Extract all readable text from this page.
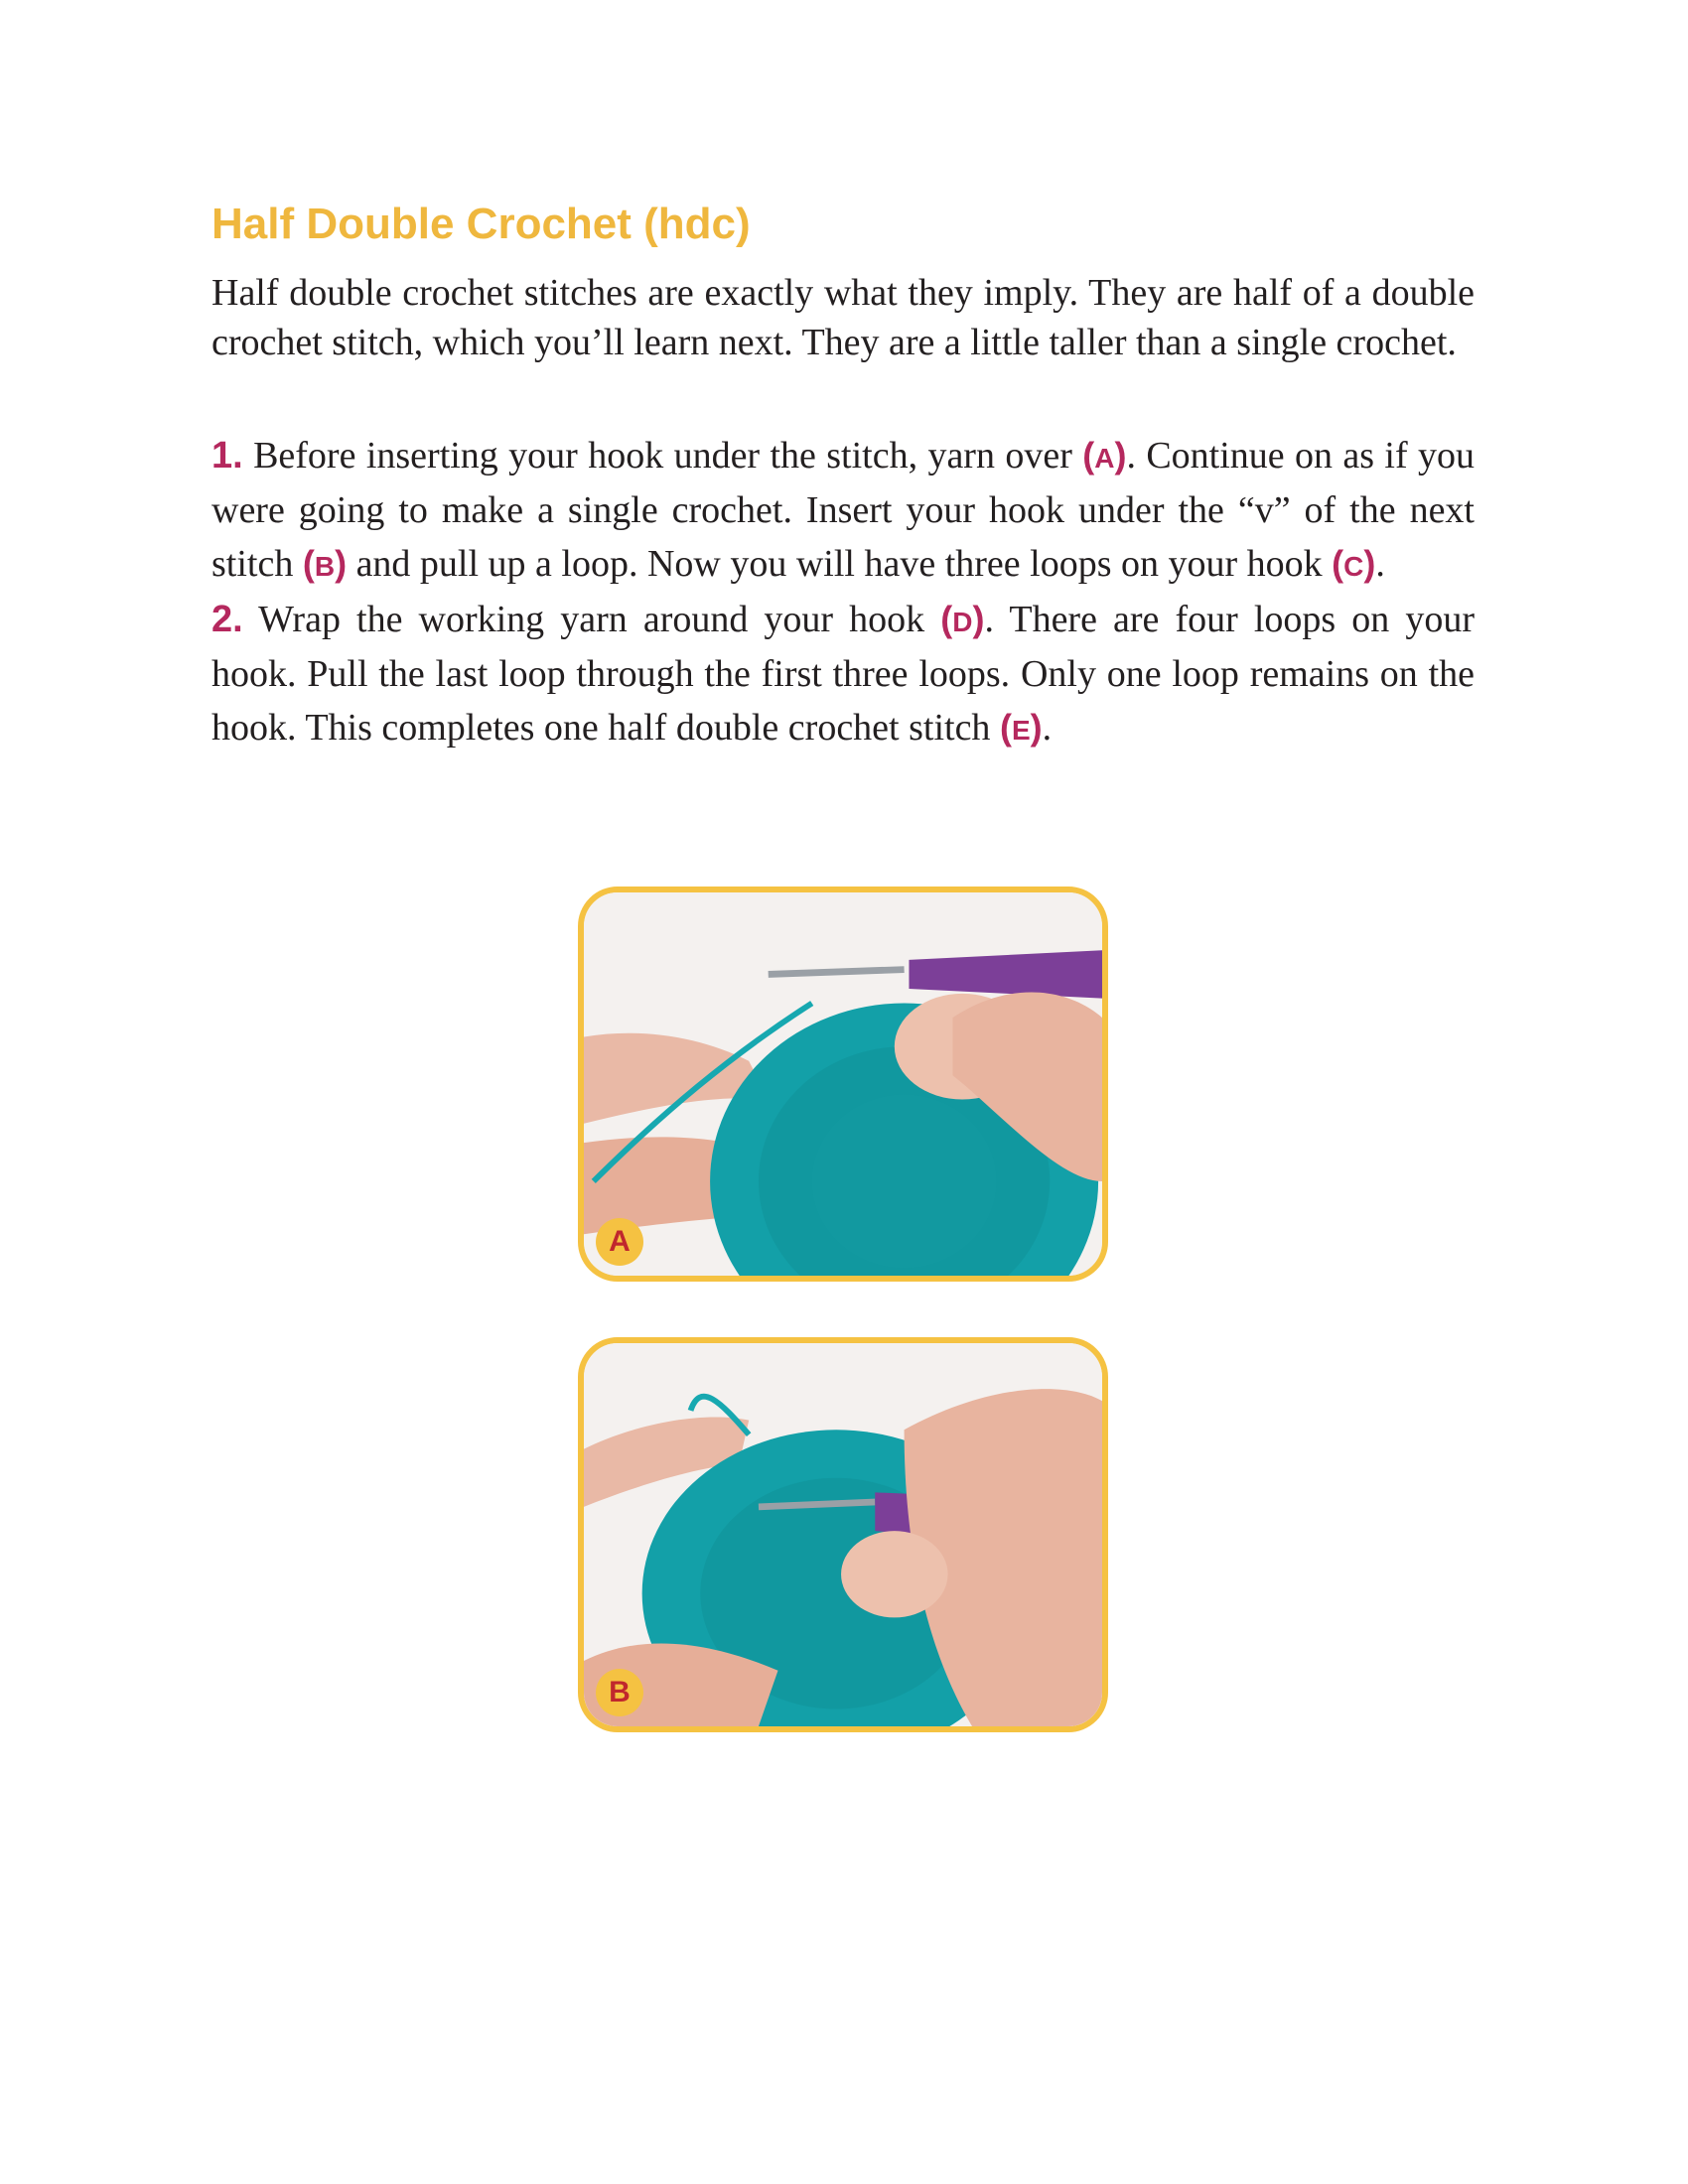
Half Double Crochet (hdc)

Half double crochet stitches are exactly what they imply. They are half of a double crochet stitch, which you’ll learn next. They are a little taller than a single crochet.

1. Before inserting your hook under the stitch, yarn over (A). Continue on as if you were going to make a single crochet. Insert your hook under the “v” of the next stitch (B) and pull up a loop. Now you will have three loops on your hook (C).

2. Wrap the working yarn around your hook (D). There are four loops on your hook. Pull the last loop through the first three loops. Only one loop remains on the hook. This completes one half double crochet stitch (E).

A
B
